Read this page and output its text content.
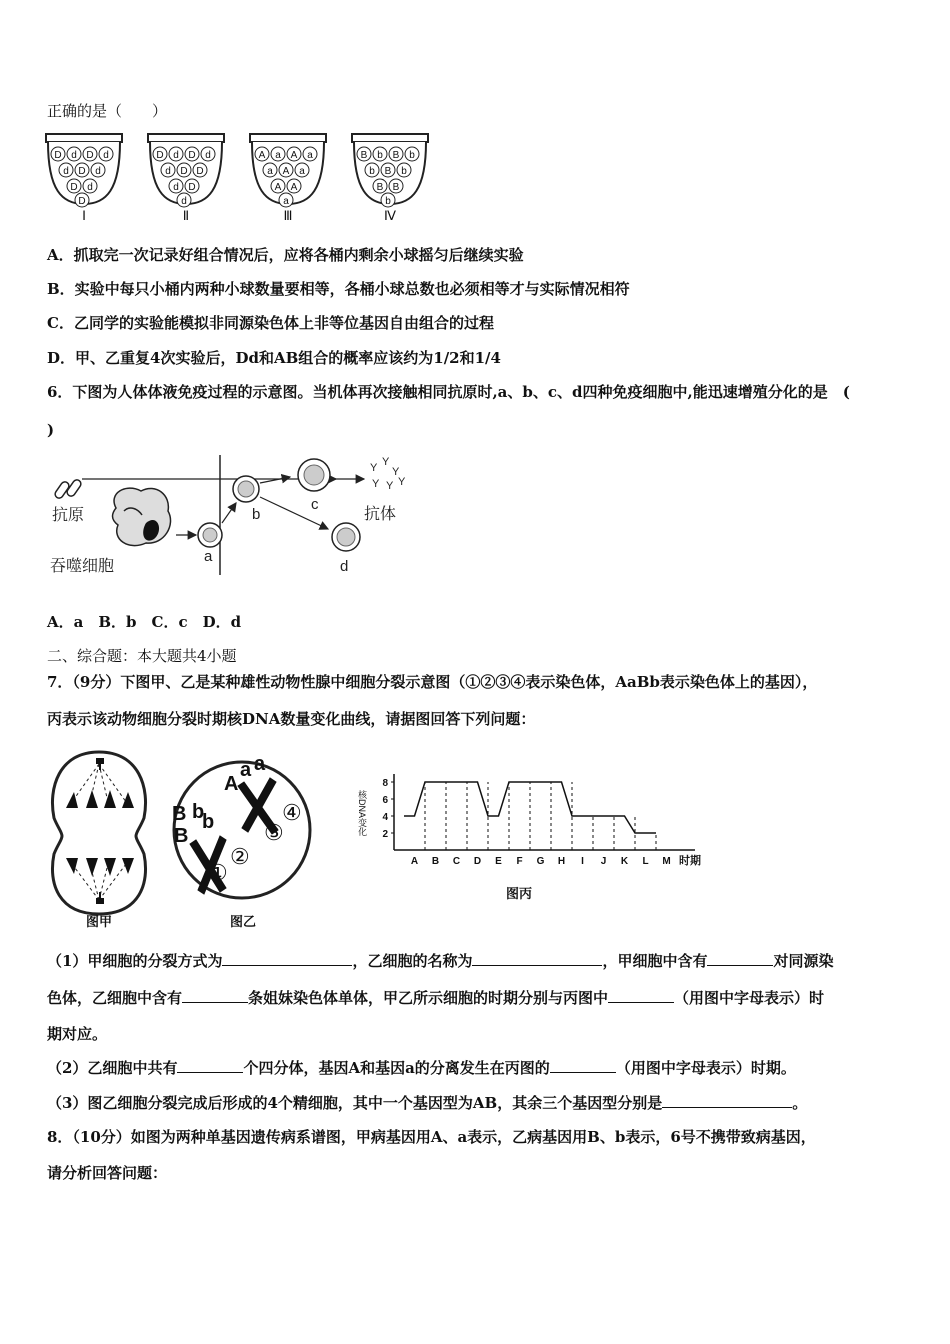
正确的是（　　）
D d D d
d D d
D d
D
Ⅰ
D d D d
d D D
d D
d
Ⅱ
A a A a
a A a
A A
a
Ⅲ
B b B b
b B b
B B
b
Ⅳ
A．抓取完一次记录好组合情况后，应将各桶内剩余小球摇匀后继续实验
B．实验中每只小桶内两种小球数量要相等，各桶小球总数也必须相等才与实际情况相符
C．乙同学的实验能模拟非同源染色体上非等位基因自由组合的过程
D．甲、乙重复4次实验后，Dd和AB组合的概率应该约为1/2和1/4
6．下图为人体体液免疫过程的示意图。当机体再次接触相同抗原时,a、b、c、d四种免疫细胞中,能迅速增殖分化的是　(
)
抗原
吞噬细胞
a
b
c
Y Y
Y
Y Y Y
抗体
d
A．a　B．b　C．c　D．d
二、综合题：本大题共4小题
7．（9分）下图甲、乙是某种雄性动物性腺中细胞分裂示意图（①②③④表示染色体，AaBb表示染色体上的基因），
丙表示该动物细胞分裂时期核DNA数量变化曲线，请据图回答下列问题：
图甲
A
a a
B b
b
B
①
②
③
④
图乙
核DNA变化
图丙
2
4
6
8
A B C D E F G H I J K L M 时期
（1）甲细胞的分裂方式为	，乙细胞的名称为	，甲细胞中含有	对同源染
色体，乙细胞中含有	条姐妹染色体单体，甲乙所示细胞的时期分别与丙图中	（用图中字母表示）时
期对应。
（2）乙细胞中共有	个四分体，基因A和基因a的分离发生在丙图的	（用图中字母表示）时期。
（3）图乙细胞分裂完成后形成的4个精细胞，其中一个基因型为AB，其余三个基因型分别是	。
8．（10分）如图为两种单基因遗传病系谱图，甲病基因用A、a表示，乙病基因用B、b表示，6号不携带致病基因，
请分析回答问题：
